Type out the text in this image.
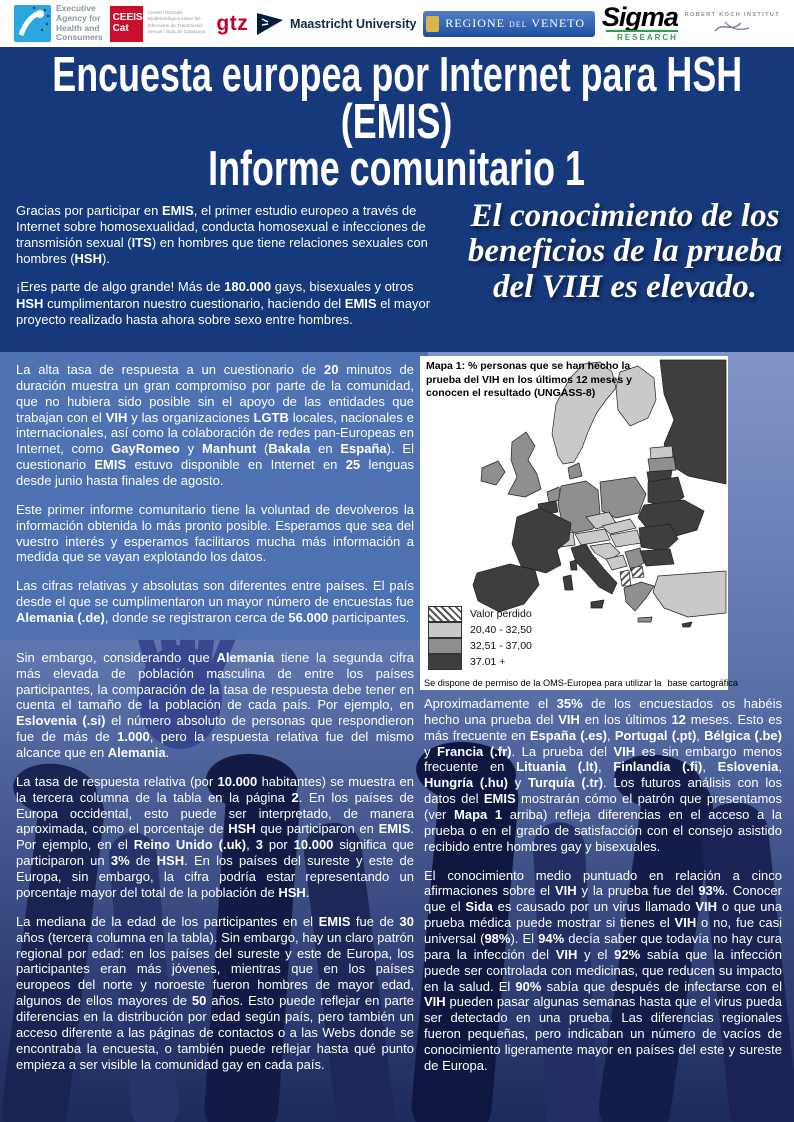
Executive
Agency for
Health and
Consumers
CEEIS
Cat
Centre d'Estudis Epidemiològics sobre les Infeccions de Transmissió Sexual i Sida de Catalunya gtz	Maastricht University REGIONE DEL VENETO Sigma
RESEARCH
ROBERT KOCH INSTITUT
Encuesta europea por Internet para HSH
(EMIS)
Informe comunitario 1

Gracias por participar en EMIS, el primer estudio europeo a través de Internet sobre homosexualidad, conducta homosexual e infecciones de transmisión sexual (ITS) en hombres que tiene relaciones sexuales con hombres (HSH).

¡Eres parte de algo grande! Más de 180.000 gays, bisexuales y otros HSH cumplimentaron nuestro cuestionario, haciendo del EMIS el mayor proyecto realizado hasta ahora sobre sexo entre hombres.

El conocimiento de los beneficios de la prueba del VIH es elevado.

La alta tasa de respuesta a un cuestionario de 20 minutos de duración muestra un gran compromiso por parte de la comunidad, que no hubiera sido posible sin el apoyo de las entidades que trabajan con el VIH y las organizaciones LGTB locales, nacionales e internacionales, así como la colaboración de redes pan-Europeas en Internet, como GayRomeo y Manhunt (Bakala en España). El cuestionario EMIS estuvo disponible en Internet en 25 lenguas desde junio hasta finales de agosto.

Este primer informe comunitario tiene la voluntad de devolveros la información obtenida lo más pronto posible. Esperamos que sea del vuestro interés y esperamos facilitaros mucha más información a medida que se vayan explotando los datos.

Las cifras relativas y absolutas son diferentes entre países. El país desde el que se cumplimentaron un mayor número de encuestas fue Alemania (.de), donde se registraron cerca de 56.000 participantes.

Sin embargo, considerando que Alemania tiene la segunda cifra más elevada de población masculina de entre los países participantes, la comparación de la tasa de respuesta debe tener en cuenta el tamaño de la población de cada país. Por ejemplo, en Eslovenia (.si) el número absoluto de personas que respondieron fue de más de 1.000, pero la respuesta relativa fue del mismo alcance que en Alemania.

La tasa de respuesta relativa (por 10.000 habitantes) se muestra en la tercera columna de la tabla en la página 2. En los países de Europa occidental, esto puede ser interpretado, de manera aproximada, como el porcentaje de HSH que participaron en EMIS. Por ejemplo, en el Reino Unido (.uk), 3 por 10.000 significa que participaron un 3% de HSH. En los países del sureste y este de Europa, sin embargo, la cifra podría estar representando un porcentaje mayor del total de la población de HSH.

La mediana de la edad de los participantes en el EMIS fue de 30 años (tercera columna en la tabla). Sin embargo, hay un claro patrón regional por edad: en los países del sureste y este de Europa, los participantes eran más jóvenes, mientras que en los países europeos del norte y noroeste fueron hombres de mayor edad, algunos de ellos mayores de 50 años. Esto puede reflejar en parte diferencias en la distribución por edad según país, pero también un acceso diferente a las páginas de contactos o a las Webs donde se encontraba la encuesta, o también puede reflejar hasta qué punto empieza a ser visible la comunidad gay en cada país.

Mapa 1: % personas que se han hecho la prueba del VIH en los últimos 12 meses y conocen el resultado (UNGASS-8)
Valor perdido
20,40 - 32,50
32,51 - 37,00
37.01 +
Se dispone de permiso de la OMS-Europea para utilizar la base cartográfica

Aproximadamente el 35% de los encuestados os habéis hecho una prueba del VIH en los últimos 12 meses. Esto es más frecuente en España (.es), Portugal (.pt), Bélgica (.be) y Francia (.fr). La prueba del VIH es sin embargo menos frecuente en Lituania (.lt), Finlandia (.fi), Eslovenia, Hungría (.hu) y Turquía (.tr). Los futuros análisis con los datos del EMIS mostrarán cómo el patrón que presentamos (ver Mapa 1 arriba) refleja diferencias en el acceso a la prueba o en el grado de satisfacción con el consejo asistido recibido entre hombres gay y bisexuales.

El conocimiento medio puntuado en relación a cinco afirmaciones sobre el VIH y la prueba fue del 93%. Conocer que el Sida es causado por un virus llamado VIH o que una prueba médica puede mostrar si tienes el VIH o no, fue casi universal (98%). El 94% decía saber que todavía no hay cura para la infección del VIH y el 92% sabía que la infección puede ser controlada con medicinas, que reducen su impacto en la salud. El 90% sabía que después de infectarse con el VIH pueden pasar algunas semanas hasta que el virus pueda ser detectado en una prueba. Las diferencias regionales fueron pequeñas, pero indicaban un número de vacíos de conocimiento ligeramente mayor en países del este y sureste de Europa.
